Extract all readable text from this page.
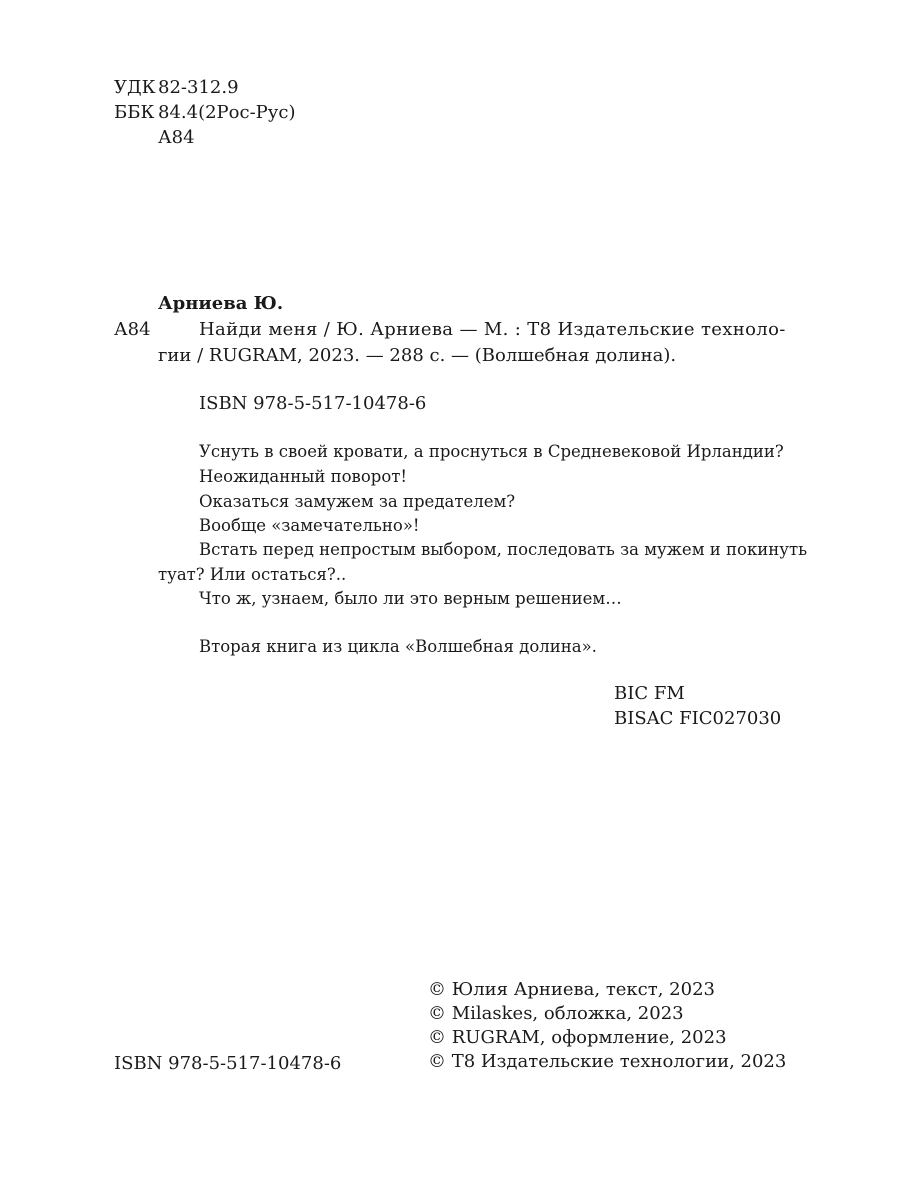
УДК 82-312.9
ББК 84.4(2Рос-Рус)
А84
Арниева Ю.
А84	Найди меня / Ю. Арниева — М. : Т8 Издательские техноло-
гии / RUGRAM, 2023. — 288 с. — (Волшебная долина).
ISBN 978-5-517-10478-6
Уснуть в своей кровати, а проснуться в Средневековой Ирландии?
Неожиданный поворот!
Оказаться замужем за предателем?
Вообще «замечательно»!
Встать перед непростым выбором, последовать за мужем и покинуть
туат? Или остаться?..
Что ж, узнаем, было ли это верным решением…
Вторая книга из цикла «Волшебная долина».
BIC FM
BISAC FIC027030
ISBN 978-5-517-10478-6
© Юлия Арниева, текст, 2023
© Milaskes, обложка, 2023
© RUGRAM, оформление, 2023
© Т8 Издательские технологии, 2023
